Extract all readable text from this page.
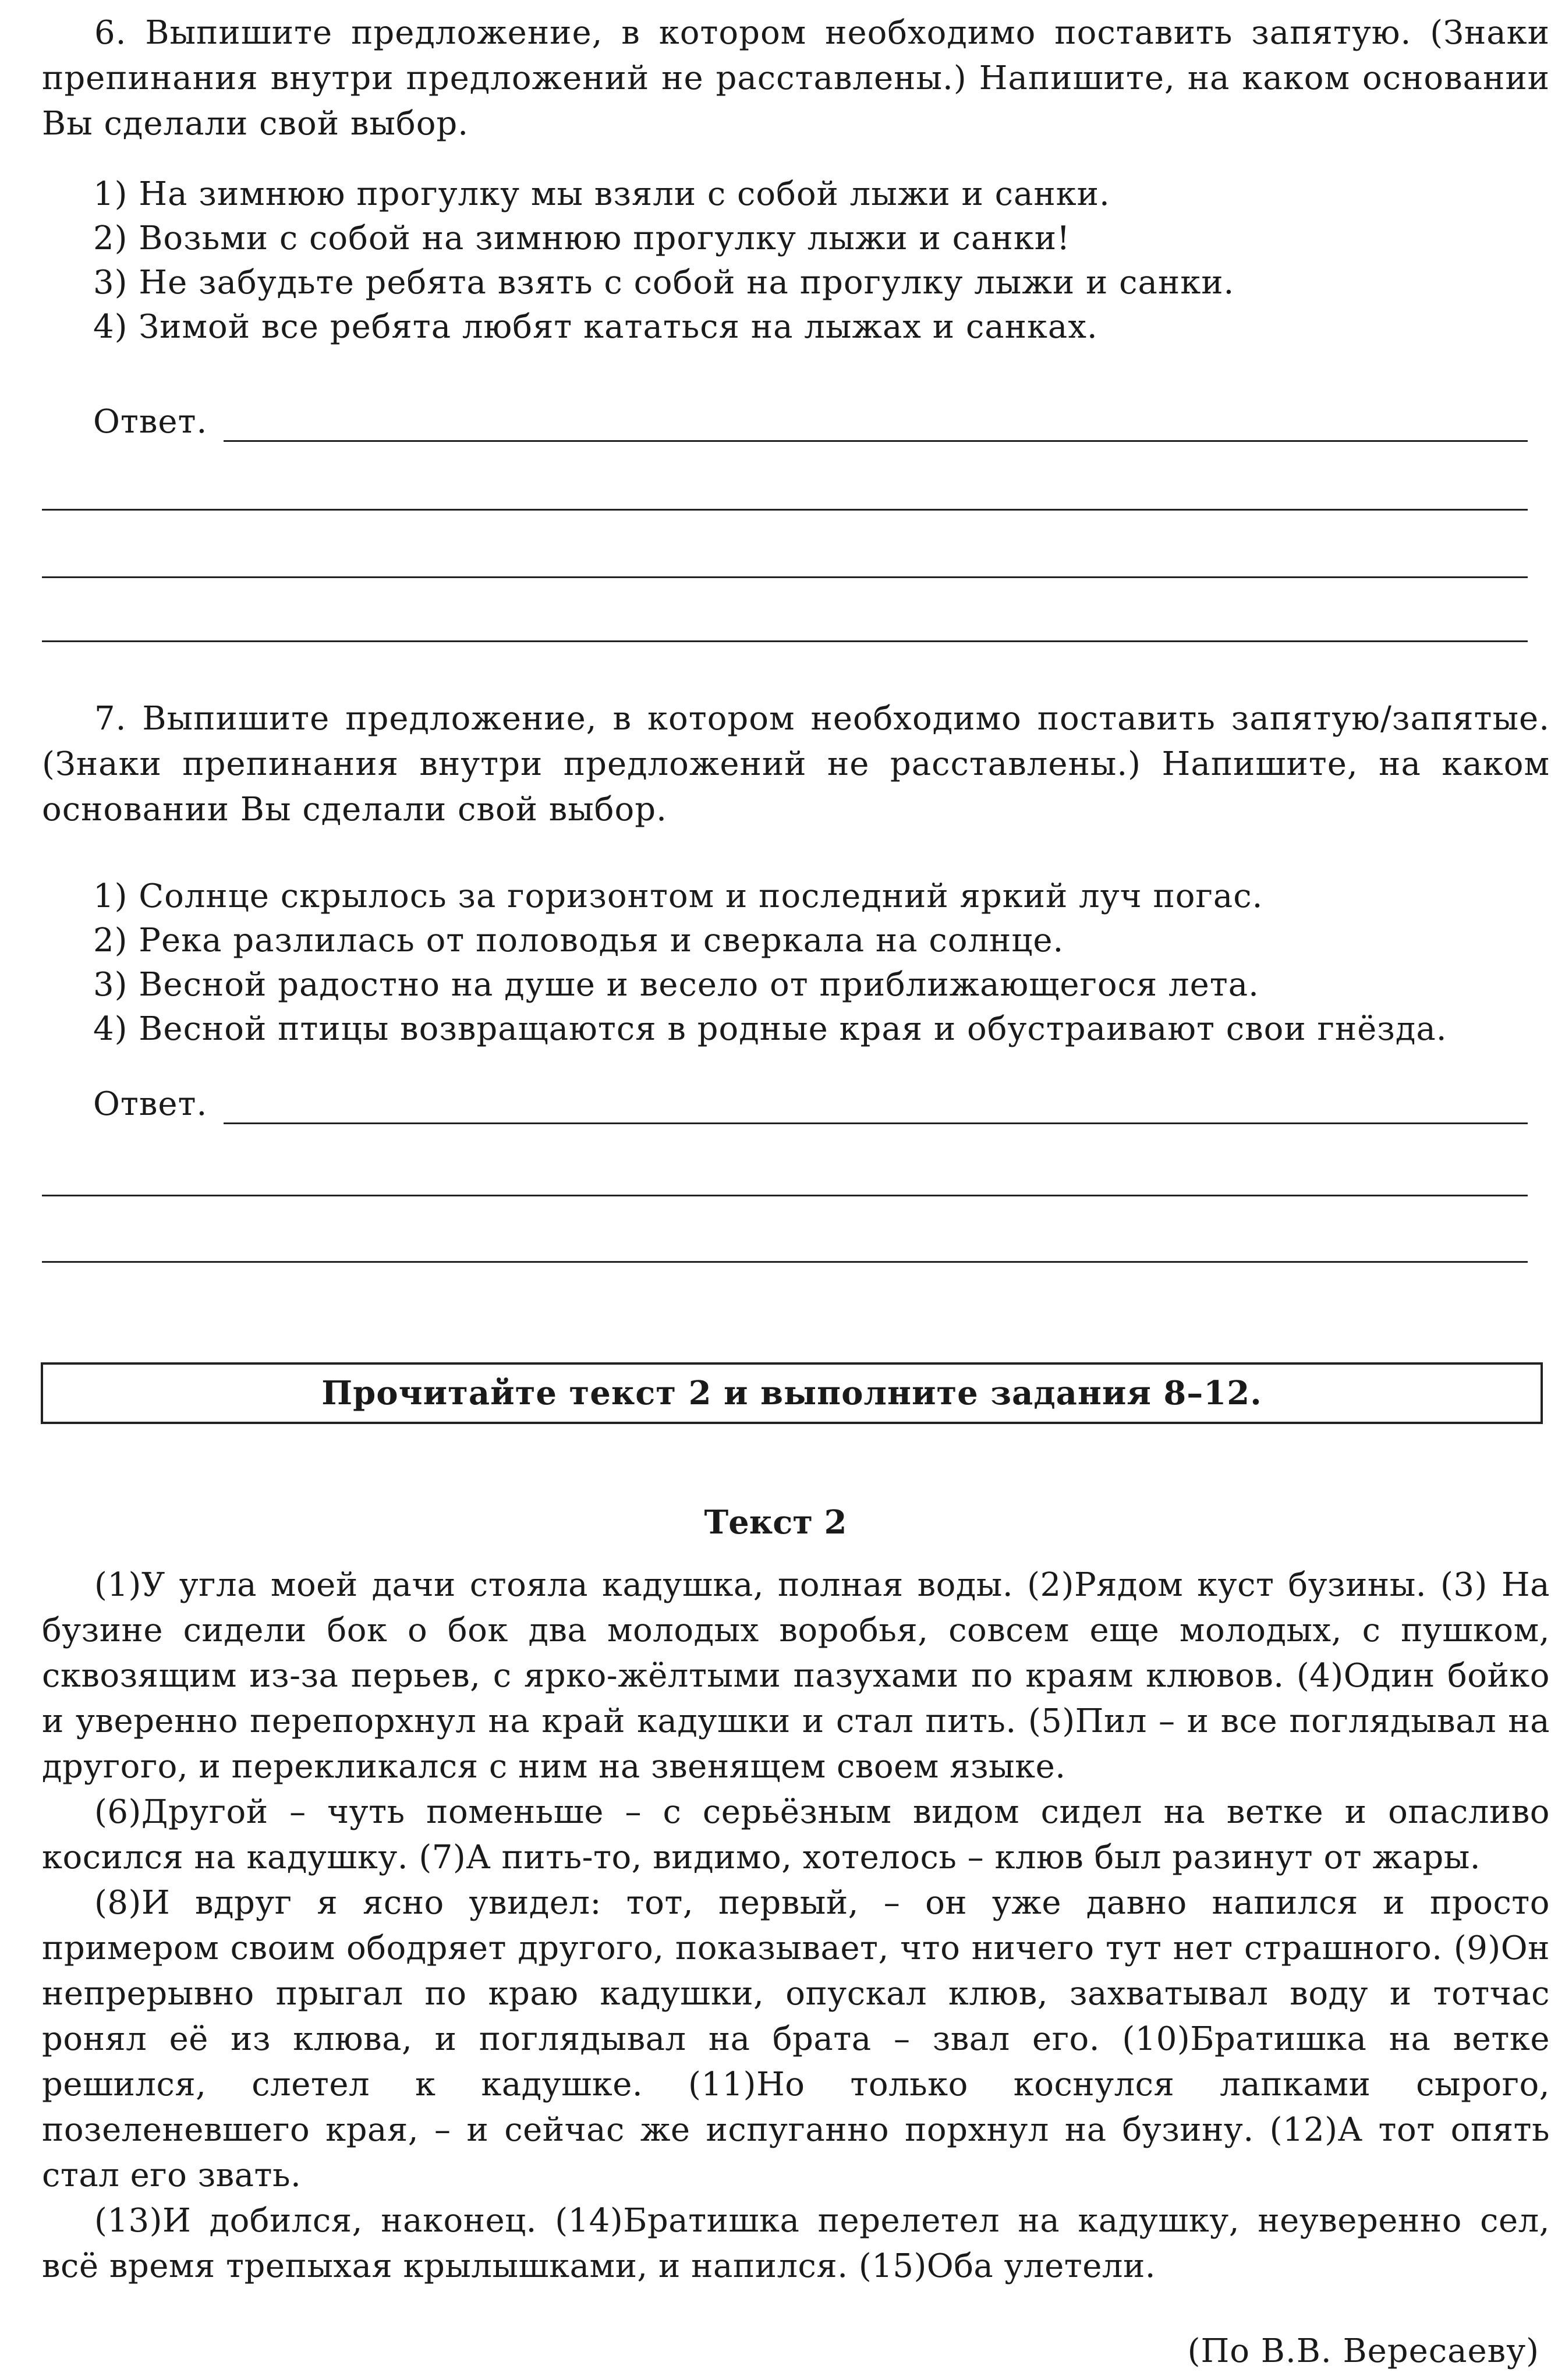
6. Выпишите предложение, в котором необходимо поставить запятую. (Знаки препинания внутри предложений не расставлены.) Напишите, на каком основании Вы сделали свой выбор.
1) На зимнюю прогулку мы взяли с собой лыжи и санки.
2) Возьми с собой на зимнюю прогулку лыжи и санки!
3) Не забудьте ребята взять с собой на прогулку лыжи и санки.
4) Зимой все ребята любят кататься на лыжах и санках.
Ответ.
7. Выпишите предложение, в котором необходимо поставить запятую/запятые. (Знаки препинания внутри предложений не расставлены.) Напишите, на каком основании Вы сделали свой выбор.
1) Солнце скрылось за горизонтом и последний яркий луч погас.
2) Река разлилась от половодья и сверкала на солнце.
3) Весной радостно на душе и весело от приближающегося лета.
4) Весной птицы возвращаются в родные края и обустраивают свои гнёзда.
Ответ.
Прочитайте текст 2 и выполните задания 8–12.
Текст 2

(1)У угла моей дачи стояла кадушка, полная воды. (2)Рядом куст бузины. (3) На бузине сидели бок о бок два молодых воробья, совсем еще молодых, с пушком, сквозящим из-за перьев, с ярко-жёлтыми пазухами по краям клювов. (4)Один бойко и уверенно перепорхнул на край кадушки и стал пить. (5)Пил – и все поглядывал на другого, и перекликался с ним на звенящем своем языке.

(6)Другой – чуть поменьше – с серьёзным видом сидел на ветке и опасливо косился на кадушку. (7)А пить-то, видимо, хотелось – клюв был разинут от жары.

(8)И вдруг я ясно увидел: тот, первый, – он уже давно напился и просто примером своим ободряет другого, показывает, что ничего тут нет страшного. (9)Он непрерывно прыгал по краю кадушки, опускал клюв, захватывал воду и тотчас ронял её из клюва, и поглядывал на брата – звал его. (10)Братишка на ветке решился, слетел к кадушке. (11)Но только коснулся лапками сырого, позеленевшего края, – и сейчас же испуганно порхнул на бузину. (12)А тот опять стал его звать.

(13)И добился, наконец. (14)Братишка перелетел на кадушку, неуверенно сел, всё время трепыхая крылышками, и напился. (15)Оба улетели.

(По В.В. Вересаеву)
